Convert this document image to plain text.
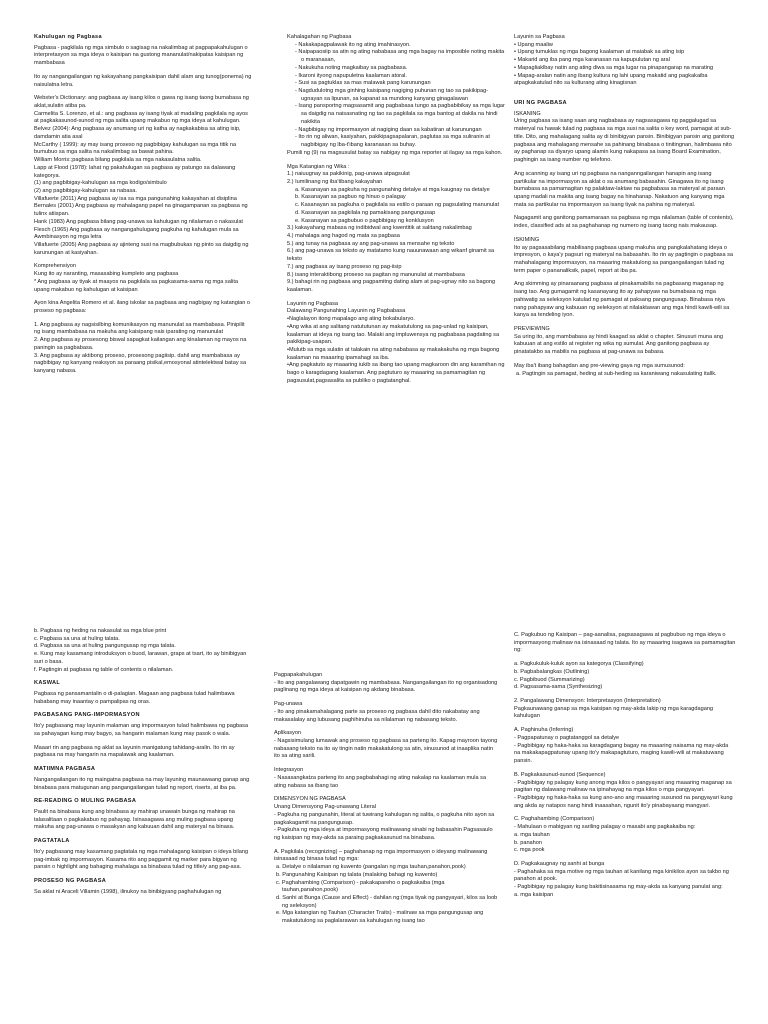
Kahulugan ng Pagbasa

Pagbasa - pagkilala ng mga simbulo o sagisag na nakalimbag at pagpapakahulugan o interpretasyon sa mga ideya o kaisipan na gustong mananulat/nakipatas kaisipan ng mambabasa

Ito ay nangangailangan ng kakayahang pangkaisipan dahil alam ang tunog(ponema) ng naisulatna letra.

Webster's Dictionary: ang pagbasa ay isang kilos o gawa ng isang taong bumabasa ng aklat,sulatin atiba pa.
Carmelita S. Lorenzo, et al.: ang pagbasa ay isang tiyak at madaling pagkilala ng ayos at pagkakasunod-sunod ng mga salita upang makabuo ng mga ideya at kahulugan.
Belvez (2004): Ang pagbasa ay anumang uri ng katha ay nagkakabisa sa ating isip, damdamin atia asal
McCarthy ( 1999): ay may isang proseso ng pagbibigay kahulugan sa mga titik na bumubuo sa mga salita na nakalimbag sa bawat pahina.
William Morris:;pagbasa bilang pagkilala sa mga nakasulatna salita.
Lapp at Flood (1978): lahat ng pakahulugan sa pagbasa ay patungo sa dalawang kategorya.
(1) ang pagbibigay-kahulugan sa mga kodigo/simbulo
(2) ang pagbibigay-kahulugan sa nabasa.
Villafuerte (2011) Ang pagbasa ay isa sa mga pangunahing kakayahan at disiplina
Bernales (2001) Ang pagbasa ay mahalagang papel na ginagampanan sa pagbasa ng tulinx atiispan.
Hank (1983) Ang pagbasa bilang pag-unawa sa kahulugan ng nilalaman o nakasulat
Flesch (1965) Ang pagbasa ay nangangahulugang pagkuha ng kahulugan mula sa Awmbinasyon ng mga letra
Villafuerte (2005) Ang pagbasa ay ajinteng susi na magbubukas ng pinto sa daigdig ng karunungan at kasiyahan.
Komprehensiyon
Kung ito ay naranting, masasabing kumpleto ang pagbasa

* Ang pagbasa ay tiyak at maayos na pagkilala sa pagkasama-sama ng mga salita upang makabuo ng kahulugan at kaisipan

Ayon kina Angelita Romero et al. ilang iskolar sa pagbasa ang nagbigay ng katangian o proseso ng pagbasa:

1. Ang pagbasa ay nagsisilbing komunikasyon ng manunulat sa mambabasa. Pinipilit ng isang mambabasa na makuha ang kaisipang nais iparating ng manunulat
2. Ang pagbasa ay prosesong biswal sapagkat kailangan ang kinalaman ng mayos na paningin sa pagbabasa.
3. Ang pagbasa ay aktibong proseso, prosesong pagiisip. dahil ang mambabasa ay nagbibigay ng kanyang reaksyon sa paraang pisikal,emosyonal atintelektwal batay sa kanyang nabasa.
Kahalagahan ng Pagbasa
- Nakakapagpalawak ito ng ating imahinasyon.
- Naipapaosiip sa atin ng ating nababasa ang mga bagay na imposible noting makita o maranasan,
- Nakukuha noting magkaibay sa pagbabasa.
- Ikaroni ityong napupuletna kaalaman atoral.
- Susi sa pagtuklas sa mas malawak pang karunungan
- Nagdudulotng mga ginhing kaisipang nagiging puhunan ng tao sa pakikipag-ugnayan sa lipunan, sa kapanat sa mundong kanyang ginagalawan
- Isang pansportng magsasamit ang pagbabasa tungo sa pagbabibikay sa mga lugar sa daigdig na naisasnating ng tao sa pagkilala sa mga bantog at dakila na hindi nakikita
- Nagbibigay ng impormasyon at nagiging daan sa kabatiran at karunungan
- Ito rin ng aliwan, kasiyahan, pakikipagsapalaran, paglutas sa mga suliranin at nagbibigay ng lba-t'ibang karanasan sa buhay.

Pumili ng (9) na magsusulat batay sa nabigay ng mga reporter at ilagay sa mga kahon.

Mga Katangian ng Wika :
1.) naiuugnay sa pakikinig, pag-unawa atpagsulat
2.) Iumilinang ng iba'tibang kakayahan
a. Kasanayan sa pagkuha ng pangunahing detalye at mga kaugnay na detalye
b. Kasanayan sa pagbuo ng hinuo o palagay
c. Kasanayan sa pagkuha o pagkilala sa estilo o paraan ng pagsulating manunulat
d. Kasanayan sa pagkilala ng pamakisang pangungusap
e. Kasanayan sa pagbubuo o pagbibigay ng konklusyon
3.) kakayahang mabasa ng indibidwal ang kwentitik at salitang nakalimbag
4.) mahalaga ang hagod ng mata sa pagbasa
5.) ang tunay na pagbasa ay ang pag-unawa sa mensahe ng teksto
6.) ang pag-unawa sa teksto ay matatamo kung nauunawaan ang wikanf ginamit sa teksto
7.) ang pagbasa ay isang proseso ng pag-iisip
8.) isang interaktibong proseso sa pagitan ng manunulat at mambabasa
9.) bahagi rin ng pagbasa ang pagpamitng dating alam at pag-ugnay nito sa bagong kaalaman.
Layunin ng Pagbasa
Dalawang Pangunahing Layunin ng Pagbabasa
•Naglalayon itong mapalago ang ating bokabularyo.
•Ang wika at ang salitang natututunan ay makatutulong sa pag-unlad ng kaisipan, kaalaman at ideya ng isang tao. Malaki ang impluwensya ng pagbabasa pagdating sa pakikipag-usapan.
•Mulutb sa mga sulatin at talakain na ating nababasa ay makakakuha ng mga bagong kaalaman na maaaring ipamahagi sa iba.
•Ang pagkatuto ay maaaring iukib sa ibang tao upang magkaroon din ang karamihan ng bago o karagdagang kaalaman. Ang pagtuturo ay maaaring sa pamamagitan ng pagsusulat,pagsasalita sa publiko o pagtatanghal.
Layunin sa Pagbasa
• Upang maaliw
• Upang tumuklas ng mga bagong kaalaman at maiabak sa ating isip
• Makarid ang iba pang mga karanasan na kapupulutan ng aral
• Mapagliaklbay natin ang ating diwa sa mga lugar na pinapangarap na marating
• Mapag-aralan natin ang ibang kultura ng lahi upang makatid ang pagkakaiba atpagkakatulad nito sa kulturang ating kinagisnan
URI NG PAGBASA
ISKANING

Uring pagbasa sa isang saan ang nagbabasa ay nagsasagawa ng paggalugad sa materyal na hawak tulad ng pagbasa sa mga susi na salita o key word, pamagat at sub-title. Dito, ang mahalagang salita ay di binibigyan pansin. Binibigyan pansin ang ganitong pagbasa ang mahalagang mensahe sa pahinang binabasa o tinitingnan, halimbawa nito ay paghanap sa diyaryo upang alamin kung nakapasa sa isang Board Examination, paghingin sa isang number ng telefono.

Ang scanning ay isang uri ng pagbasa na nanganngailangan hanapin ang isang partikular na impormasyon sa aklat o sa anumang babasahin. Ginagawa ito ng isang bumabasa sa pamamagitan ng palaktaw-laktaw na pagbabasa sa materyal at paraan upang madali na makita ang isang bagay na hinahanap. Nakatuon ang kanyang mga mata sa partikular na impormasyon sa isang tiyak na pahina ng materyal.

Nagagamit ang ganitong pamamaraan sa pagbasa ng mga nilalaman (table of contents), index, classified ads at sa paghahanap ng numero ng isang taong nais makausap.

ISKIMING

Ito ay pagsasabilang mabilisang pagbasa upang makuha ang pangkalahatang ideya o impresyon, o kaya'y pagsuri ng materyal na babasahin. Ito rin ay pagtingin o pagbasa sa mahahalagang impormasyon, na maaaring makatulong sa pangangailangan tulad ng term paper o pananaliksik, papel, report at iba pa.

Ang skimming ay pinaraanang pagbasa at pinakamabilis na pagbasang maganap ng isang tao. Ang gumagamit ng kasanayang ito ay pahapyaw na bumabasa ng mga pahiwatig sa seleksyon katulad ng pamagat at paksang pangungusap. Binabasa niya nang pahapyaw ang kabuuan ng seleksyon at nilalaktawan ang mga hindi kawili-wili sa kanya sa tendeling iyon.

PREVIEWING

Sa uring ito, ang mambabasa ay hindi kaagad sa aklat o chapter. Sinusuri muna ang kabuuan at ang estilo at register ng wika ng sumulat. Ang ganitong pagbasa ay pinatatakbo sa mabilis na pagbasa at pag-unawa sa babasa.

May iba't ibang bahagdan ang pre-viewing gaya ng mga sumusunod:
a. Pagtingin sa pamagat, heding at sub-heding sa karaniwang nakasulating itallk.
b. Pagbasa ng heding na nakasulat sa mga blue print
c. Pagbasa sa una at huling talata.
d. Pagbasa sa una at huling pangungusap ng mga talata.
e. Kung may kasamang introduksyon o buod, larawan, graps at tsart, ito ay binibigyan suri o basa.
f. Pagtingin at pagbasa ng table of contents o nilalaman.
KASWAL

Pagbasa ng pansamantalin o di-palagian. Magaan ang pagbasa tulad halimbawa hababang may inaantay o pampalipas ng oras.

PAGBASANG PANG-IMPORMASYON

Ito'y pagbasang may layunin malaman ang impormasyon tulad halimbawa ng pagbasa sa pahayagan kung may bagyo, sa hangarin malaman kung may pasok o wala.

Maaari rin ang pagbasa ng aklat sa layunin manigatung tahidang-aralin. Ito rin ay pagbasa na may hangarin na mapalawak ang kaalaman.

MATIIMNA PAGBASA

Nangangailangan ito ng maingatna pagbasa na may layuning maunawaang ganap ang binabasa para matugunan ang pangangailangan tulad ng report, riserts, at iba pa.

RE-READING O MULING PAGBASA

Paulit na binabasa kung ang binabasa ay mahirap unawain bunga ng mahirap na talasalitaan o pagkakabuo ng pahayag. Isinasagawa ang muling pagbasa upang makuha ang pag-unawa o masakyan ang kabuuan dahil ang materyal na binasa.

PAGTATALA

Ito'y pagbasang may kasamang pagtatala ng mga mahalagang kaisipan o ideya bilang pag-imbak ng impormasyon. Kasama rito ang paggamit ng marker para bigyan ng pansin o highlight ang bahaging mahalaga sa binabasa tulad ng title/y ang pag-asa.

PROSESO NG PAGBASA

Sa aklat ni Araceli Villamin (1998), ilinukoy na binibigyang paghahulugan ng

Pagpapakahulugan

- Ito ang pangalawang dapatgawin ng mambabasa. Nangangailangan ito ng organisadong paglinang ng mga ideya at kaisipan ng akdang binabasa.

Pag-unawa

- Ito ang pinakamahalagang parte sa proseso ng pagbasa dahil dito nakabatay ang makasalalay ang lubusang paghihinuha sa nilalaman ng nabasang teksto.

Aplikasyon

- Nagsisimulang lumawak ang proseso ng pagbasa sa parteng ito. Kapag mayroon tayong nabasang teksto na ito ay tingin natin makakatulong sa atin, sinusunod at inaaplika natin ito sa ating sarili.

Integrasyon

- Nasasangkatza parteng ito ang pagbabahagi ng ating nakalap na kaalaman mula sa ating nabasa sa ibang tao

DIMENSYON NG PAGBASA
Unang Dimensyong Pag-unawang Literal
- Pagkuha ng pangunahin, literal at tuwirang kahulugan ng salita, o pagkuha nito ayon sa pagkakagamit na pangungusap.

- Pagkuha ng mga ideya at impormasyong malinawang sinabi ng babasahin Pagsasaulo ng kaisipan ng may-akda sa paraing pagkakasunud na binabasa.

A. Pagkilala (recognizing) – paghahanap ng mga impormasyon o ideyang malinawang isinasaad ng binasa tulad ng mga:
a. Detalye o nilalaman ng kuwento (pangalan ng mga tauhan,panahon,pook)
b. Pangunahing Kaisipan ng talata (malaking bahagi ng kuwento)
c. Paghahambing (Comparison) - pakakapareho o pagkakaiba (mga tauhan,panahon,pook)
d. Sanhi at Bunga (Cause and Effect) - dahilan ng:(mga tiyak ng pangyayari, kilos sa loob ng seleksyon)
e. Mga katangian ng Tauhan (Character Traits) - malinaw sa mga pangungusap ang makatutulong sa paglalarawan sa kahulugan ng isang tao

C. Pagkubuo ng Kaisipan – pag-aanalisa, pagsasagawa at pagbubuo ng mga ideya o impormasyong malinaw na isinasaad ng talata. Ito ay maaaring isagawa sa pamamagitan ng:

a. Pagkukuluk-kuluk ayon sa kategorya (Classifying)
b. Pagbabalangkas (Outlining)
c. Pagbibuod (Summarizing)
d. Pagsasama-sama (Synthesizing)
2. Pangalawang Dimensyon: Interpretasyon (Interpretation)

Pagkaunawang ganap sa mga kaisipan ng may-akda lakip ng mga karagdagang kahulugan

A. Paghinuha (Inferring)
- Pagpapatunay o pagtatanggol sa detalye

- Pagbibigay ng haka-haka sa karagdagang bagay na maaaring naisama ng may-akda na makakapagpatunay upang ito'y makapagtuturo, maging kawili-wili at makatuwang pansin.

B. Pagkakasunud-sunod (Sequence)
- Pagbibigay ng palagay kung anong mga kilos o pangyayari ang maaaring maganap sa pagitan ng dalawang malinaw na ipinahayag na mga kilos o mga pangyayari.

- Pagbibigay ng haka-haka sa kung ano-ano ang maaaring susunod na pangyayari kung ang akda ay natapos nang hindi inaasahan, ngunit ito'y pinabayaang mangyari.

C. Paghahambing (Comparison)
- Mahulaan o mabigyan ng sariling palagay o masabi ang pagkakaiba ng:
a. mga tauhan
b. panahon

c. mga pook

D. Pagkakaugnay ng sanhi at bunga
- Paghahaka sa mga motive ng mga tauhan at kanilang mga kinikilos ayon sa takbo ng panahon at pook.
- Pagbibigay ng palagay kung bakitisinasama ng may-akda sa kanyang panulat ang:
a. mga kaisipan
